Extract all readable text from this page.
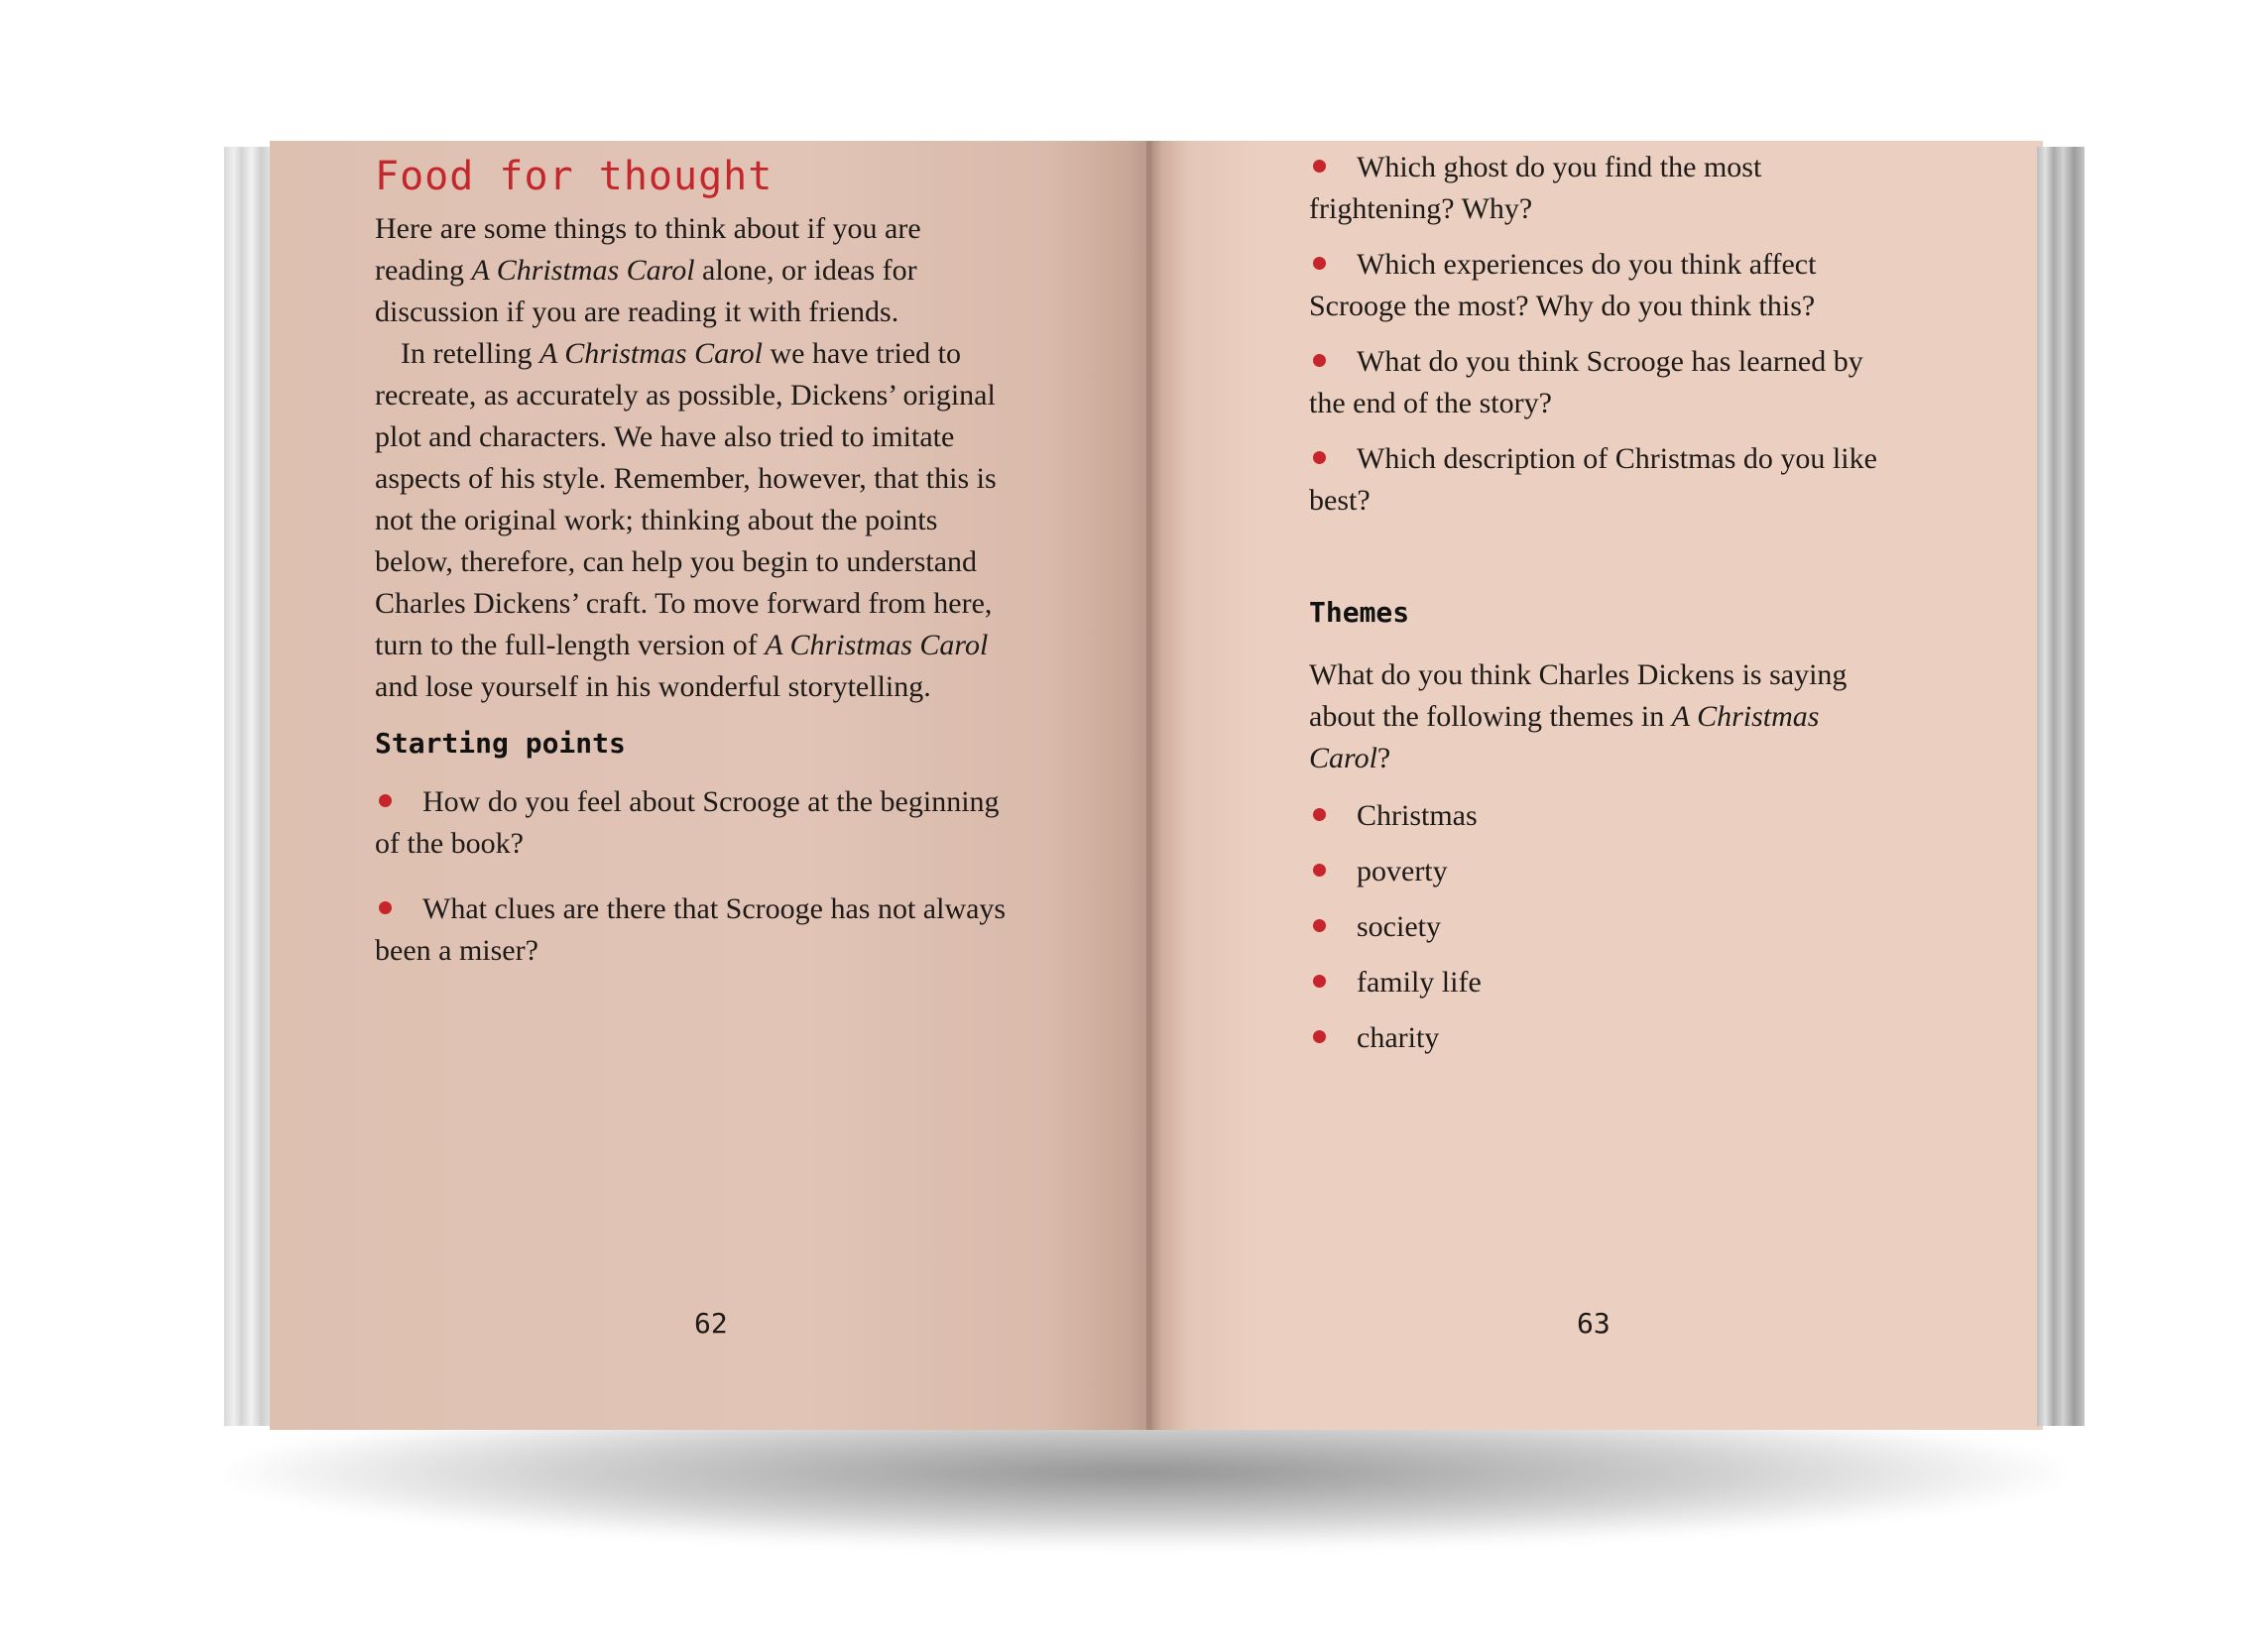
Food for thought

Here are some things to think about if you are reading A Christmas Carol alone, or ideas for discussion if you are reading it with friends.

In retelling A Christmas Carol we have tried to recreate, as accurately as possible, Dickens’ original plot and characters. We have also tried to imitate aspects of his style. Remember, however, that this is not the original work; thinking about the points below, therefore, can help you begin to understand Charles Dickens’ craft. To move forward from here, turn to the full-length version of A Christmas Carol and lose yourself in his wonderful storytelling.

Starting points
How do you feel about Scrooge at the beginning of the book?
What clues are there that Scrooge has not always been a miser?
62
Which ghost do you find the most frightening? Why?
Which experiences do you think affect Scrooge the most? Why do you think this?
What do you think Scrooge has learned by the end of the story?
Which description of Christmas do you like best?
Themes

What do you think Charles Dickens is saying about the following themes in A Christmas Carol?

Christmas
poverty
society
family life
charity
63
